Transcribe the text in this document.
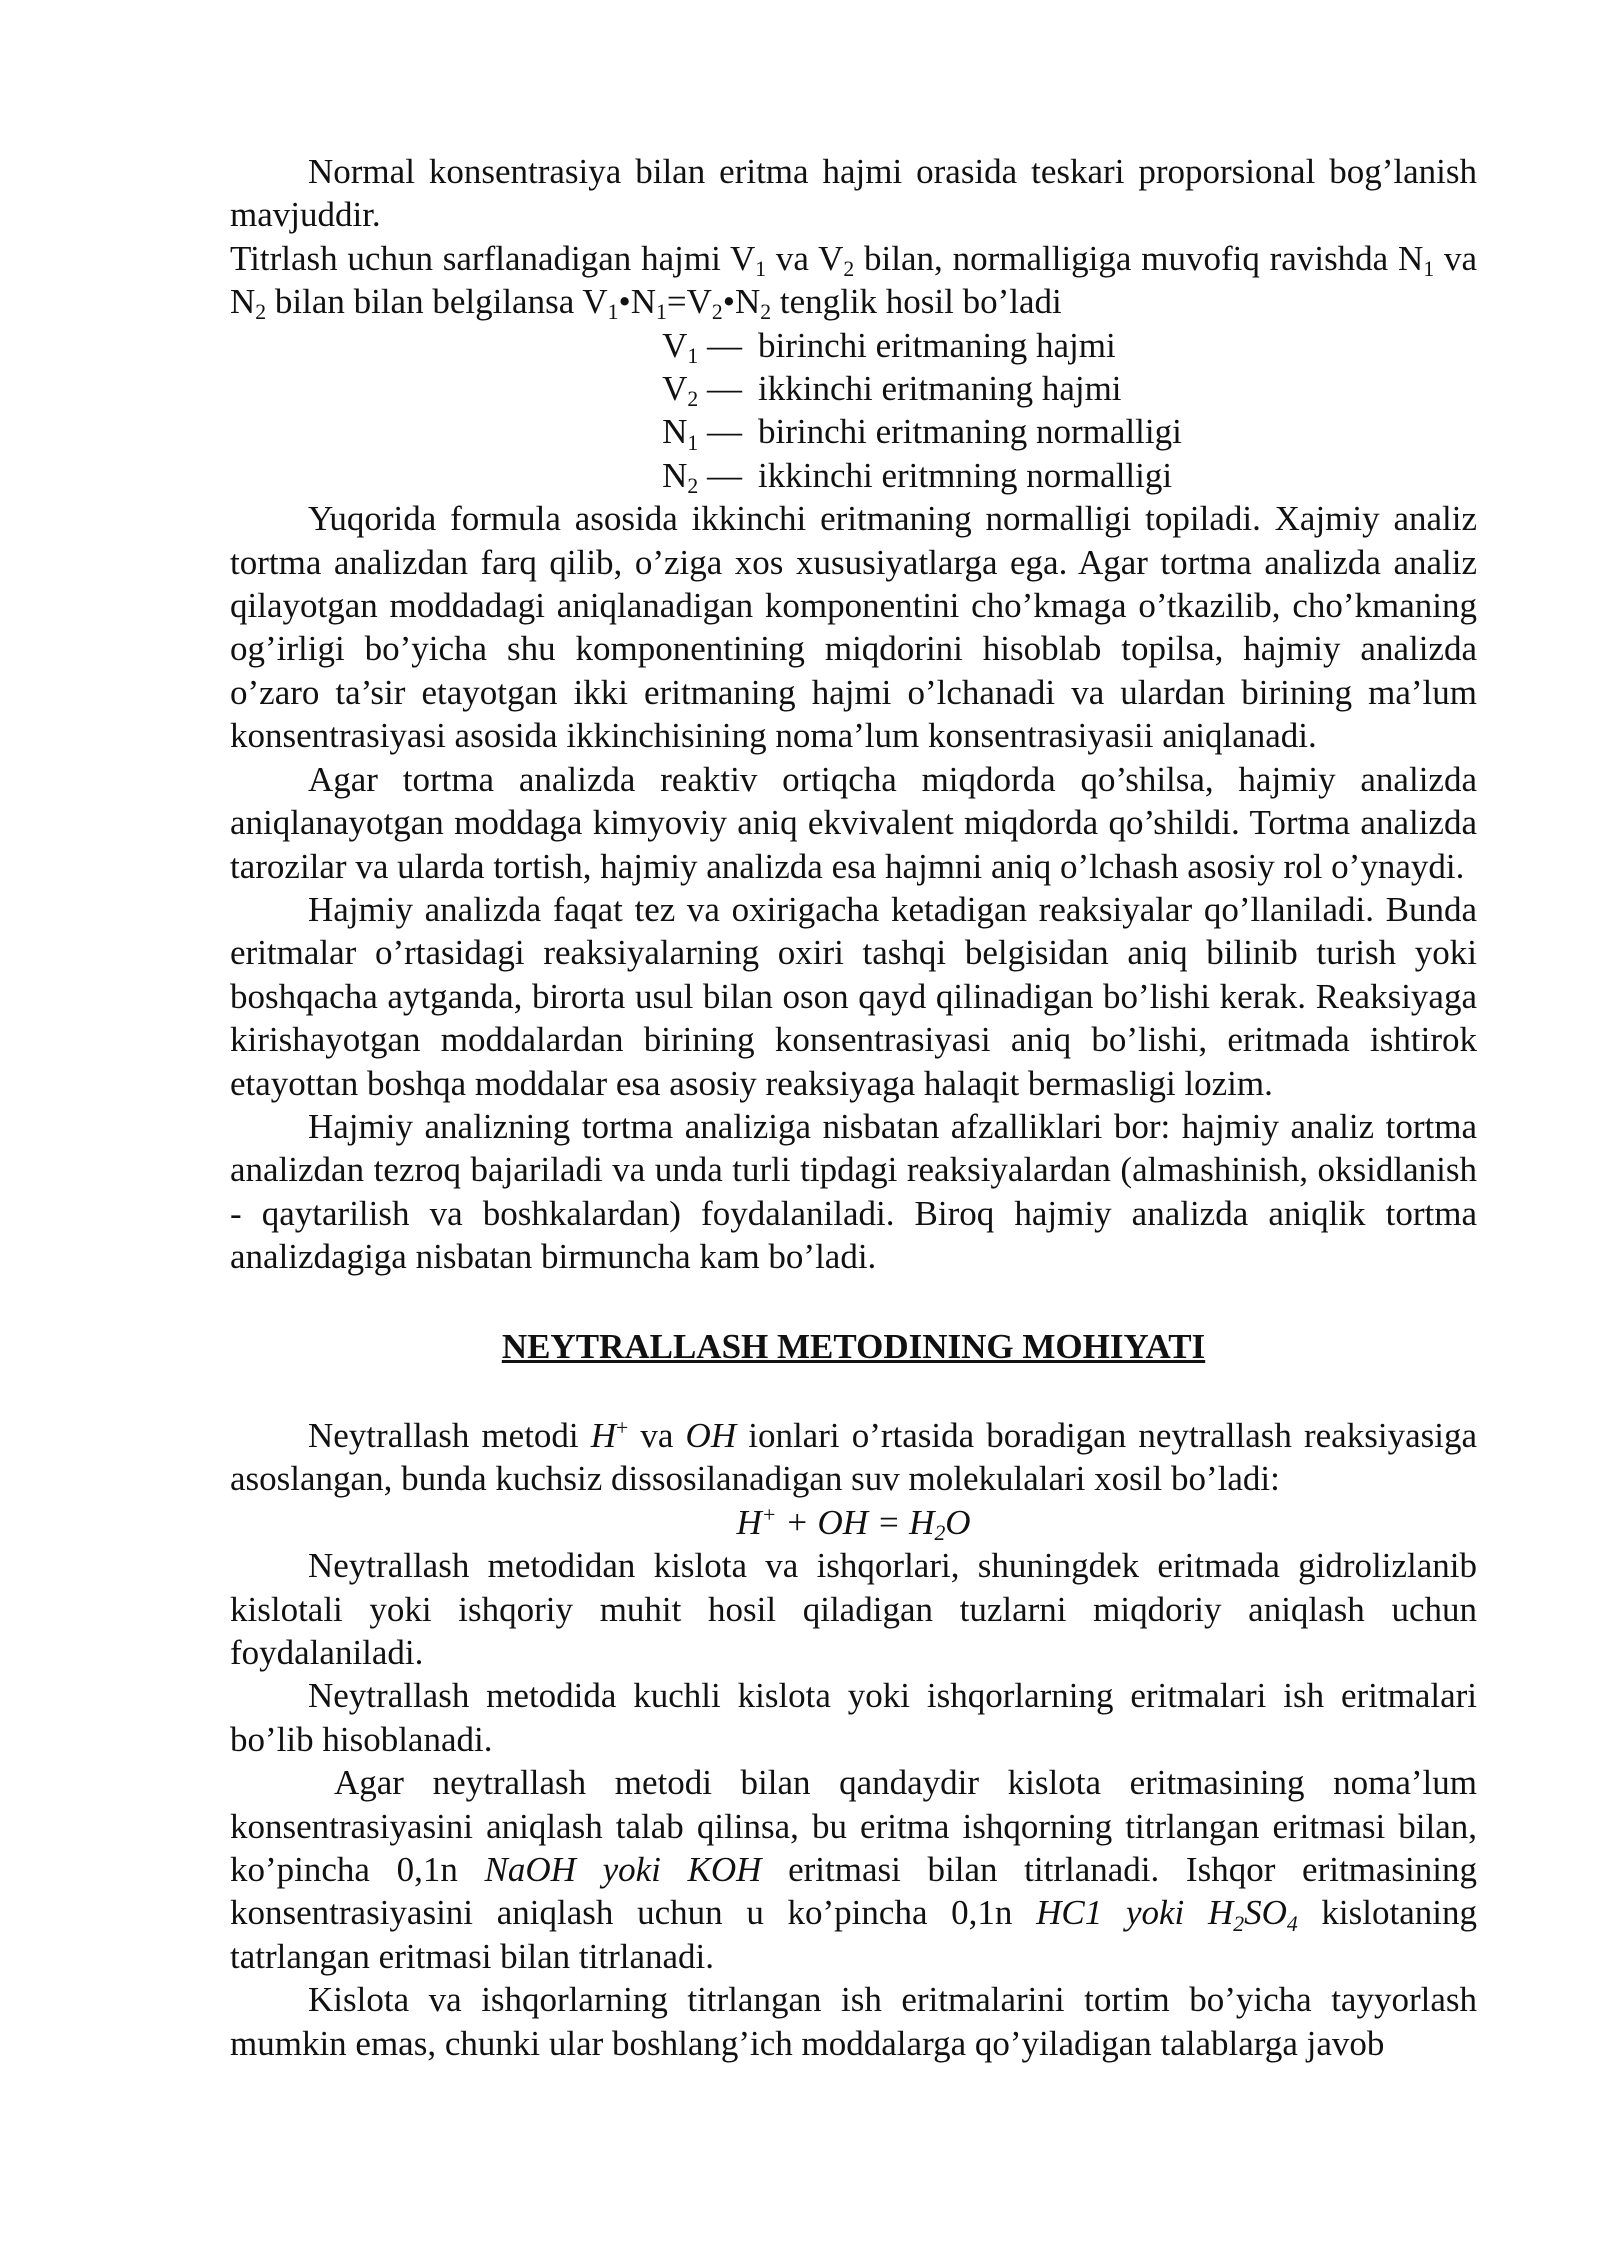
Normal konsentrasiya bilan eritma hajmi orasida teskari proporsional bog’lanish mavjuddir.

Titrlash uchun sarflanadigan hajmi $V_1$ va $V_2$ bilan, normalligiga muvofiq ravishda $N_1$ va $N_2$ bilan bilan belgilansa $V_1•N_1=V_2•N_2$ tenglik hosil bo’ladi

$V_1$ — birinchi eritmaning hajmi
$V_2$ — ikkinchi eritmaning hajmi
$N_1$ — birinchi eritmaning normalligi
$N_2$ — ikkinchi eritmning normalligi

Yuqorida formula asosida ikkinchi eritmaning normalligi topiladi. Xajmiy analiz tortma analizdan farq qilib, o’ziga xos xususiyatlarga ega. Agar tortma analizda analiz qilayotgan moddadagi aniqlanadigan komponentini cho’kmaga o’tkazilib, cho’kmaning og’irligi bo’yicha shu komponentining miqdorini hisoblab topilsa, hajmiy analizda o’zaro ta’sir etayotgan ikki eritmaning hajmi o’lchanadi va ulardan birining ma’lum konsentrasiyasi asosida ikkinchisining noma’lum konsentrasiyasii aniqlanadi.

Agar tortma analizda reaktiv ortiqcha miqdorda qo’shilsa, hajmiy analizda aniqlanayotgan moddaga kimyoviy aniq ekvivalent miqdorda qo’shildi. Tortma analizda tarozilar va ularda tortish, hajmiy analizda esa hajmni aniq o’lchash asosiy rol o’ynaydi.

Hajmiy analizda faqat tez va oxirigacha ketadigan reaksiyalar qo’llaniladi. Bunda eritmalar o’rtasidagi reaksiyalarning oxiri tashqi belgisidan aniq bilinib turish yoki boshqacha aytganda, birorta usul bilan oson qayd qilinadigan bo’lishi kerak. Reaksiyaga kirishayotgan moddalardan birining konsentrasiyasi aniq bo’lishi, eritmada ishtirok etayottan boshqa moddalar esa asosiy reaksiyaga halaqit bermasligi lozim.

Hajmiy analizning tortma analiziga nisbatan afzalliklari bor: hajmiy analiz tortma analizdan tezroq bajariladi va unda turli tipdagi reaksiyalardan (almashinish, oksidlanish - qaytarilish va boshkalardan) foydalaniladi. Biroq hajmiy analizda aniqlik tortma analizdagiga nisbatan birmuncha kam bo’ladi.

NEYTRALLASH METODINING MOHIYATI

Neytrallash metodi H+ va OH ionlari o’rtasida boradigan neytrallash reaksiyasiga asoslangan, bunda kuchsiz dissosilanadigan suv molekulalari xosil bo’ladi:

H+ + OH = $H_2O$

Neytrallash metodidan kislota va ishqorlari, shuningdek eritmada gidrolizlanib kislotali yoki ishqoriy muhit hosil qiladigan tuzlarni miqdoriy aniqlash uchun foydalaniladi.

Neytrallash metodida kuchli kislota yoki ishqorlarning eritmalari ish eritmalari bo’lib hisoblanadi.

Agar neytrallash metodi bilan qandaydir kislota eritmasining noma’lum konsentrasiyasini aniqlash talab qilinsa, bu eritma ishqorning titrlangan eritmasi bilan, ko’pincha 0,1n NaOH yoki KOH eritmasi bilan titrlanadi. Ishqor eritmasining konsentrasiyasini aniqlash uchun u ko’pincha 0,1n HC1 yoki $H_2SO_4$ kislotaning tatrlangan eritmasi bilan titrlanadi.

Kislota va ishqorlarning titrlangan ish eritmalarini tortim bo’yicha tayyorlash mumkin emas, chunki ular boshlang’ich moddalarga qo’yiladigan talablarga javob
